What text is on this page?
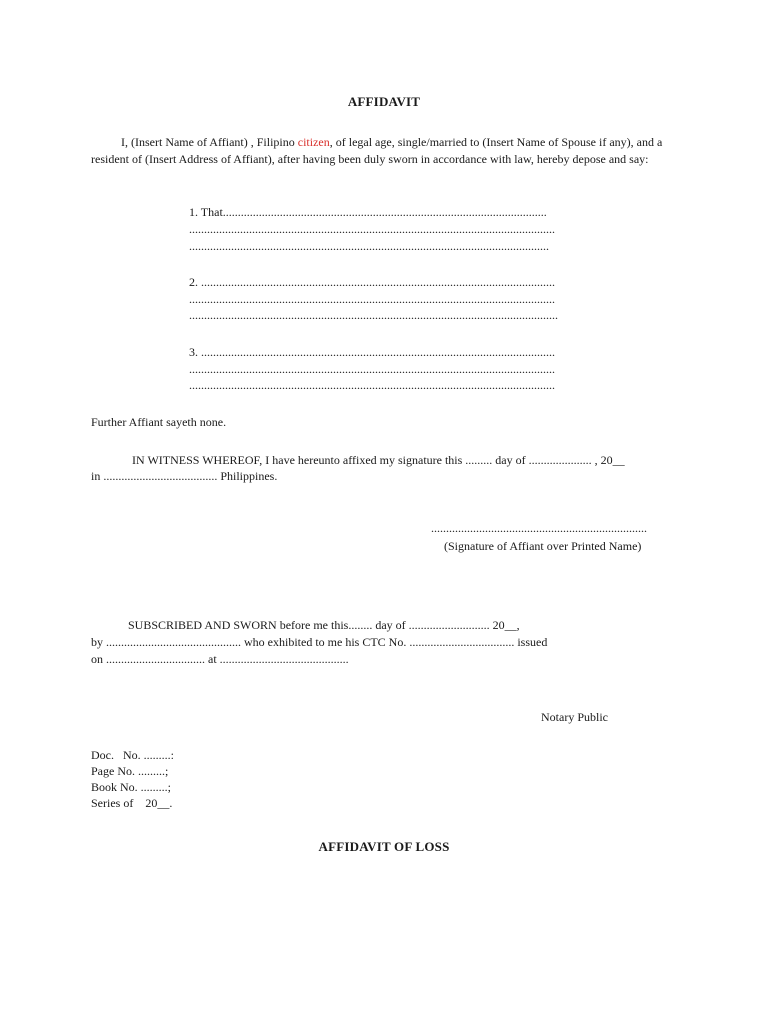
AFFIDAVIT
I, (Insert Name of Affiant) , Filipino citizen, of legal age, single/married to (Insert Name of Spouse if any), and a resident of (Insert Address of Affiant), after having been duly sworn in accordance with law, hereby depose and say:
1. That............................................................................................................
..........................................................................................................................
........................................................................................................................
2. ......................................................................................................................
..........................................................................................................................
...........................................................................................................................
3. ......................................................................................................................
..........................................................................................................................
..........................................................................................................................
Further Affiant sayeth none.
IN WITNESS WHEREOF, I have hereunto affixed my signature this ......... day of ..................... , 20__
in ...................................... Philippines.
........................................................................
(Signature of Affiant over Printed Name)
SUBSCRIBED AND SWORN before me this........ day of ........................... 20__,
by ............................................. who exhibited to me his CTC No. ................................... issued
on ................................. at ...........................................
Notary Public
Doc.   No. .........:
Page No. .........;
Book No. .........;
Series of    20__.
AFFIDAVIT OF LOSS
